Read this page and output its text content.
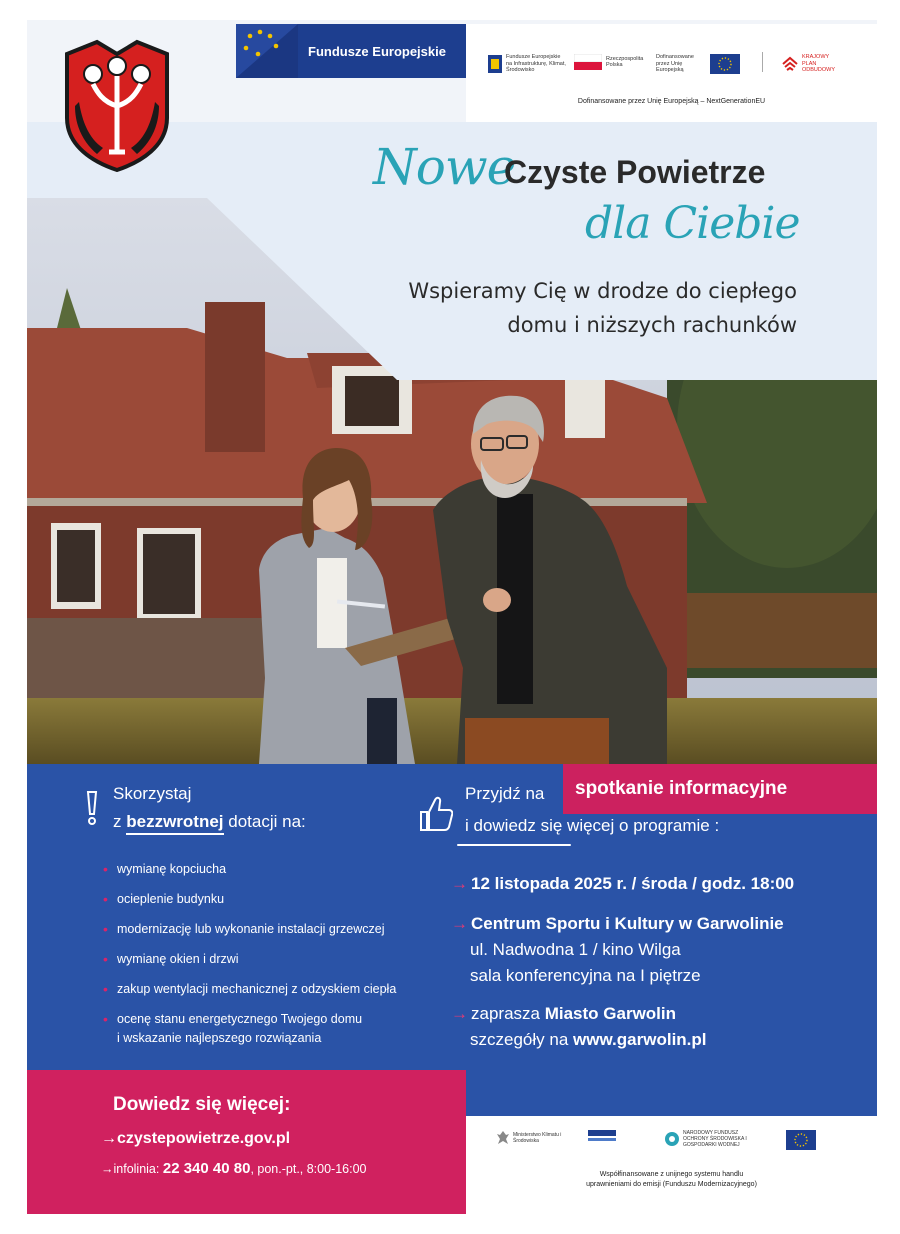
Fundusze Europejskie	Fundusze Europejskie na Infrastrukturę, Klimat, Środowisko
Rzeczpospolita Polska
Dofinansowane przez Unię Europejską
KRAJOWY PLAN ODBUDOWY
Dofinansowane przez Unię Europejską – NextGenerationEU
Nowe
Czyste Powietrze
dla Ciebie
Wspieramy Cię w drodze do ciepłego
domu i niższych rachunków
Skorzystaj
z bezzwrotnej dotacji na:
• wymianę kopciucha
• ocieplenie budynku
• modernizację lub wykonanie instalacji grzewczej
• wymianę okien i drzwi
• zakup wentylacji mechanicznej z odzyskiem ciepła
• ocenę stanu energetycznego Twojego domu
i wskazanie najlepszego rozwiązania
Przyjdź na spotkanie informacyjne
i dowiedz się więcej o programie :
→ 12 listopada 2025 r. / środa / godz. 18:00
→ Centrum Sportu i Kultury w Garwolinie
ul. Nadwodna 1 / kino Wilga
sala konferencyjna na I piętrze
→ zaprasza Miasto Garwolin
szczegóły na www.garwolin.pl
Dowiedz się więcej:
→czystepowietrze.gov.pl
→infolinia: 22 340 40 80, pon.-pt., 8:00-16:00
Ministerstwo Klimatu i Środowiska
NARODOWY FUNDUSZ OCHRONY ŚRODOWISKA I GOSPODARKI WODNEJ
Współfinansowane z unijnego systemu handlu
uprawnieniami do emisji (Funduszu Modernizacyjnego)
